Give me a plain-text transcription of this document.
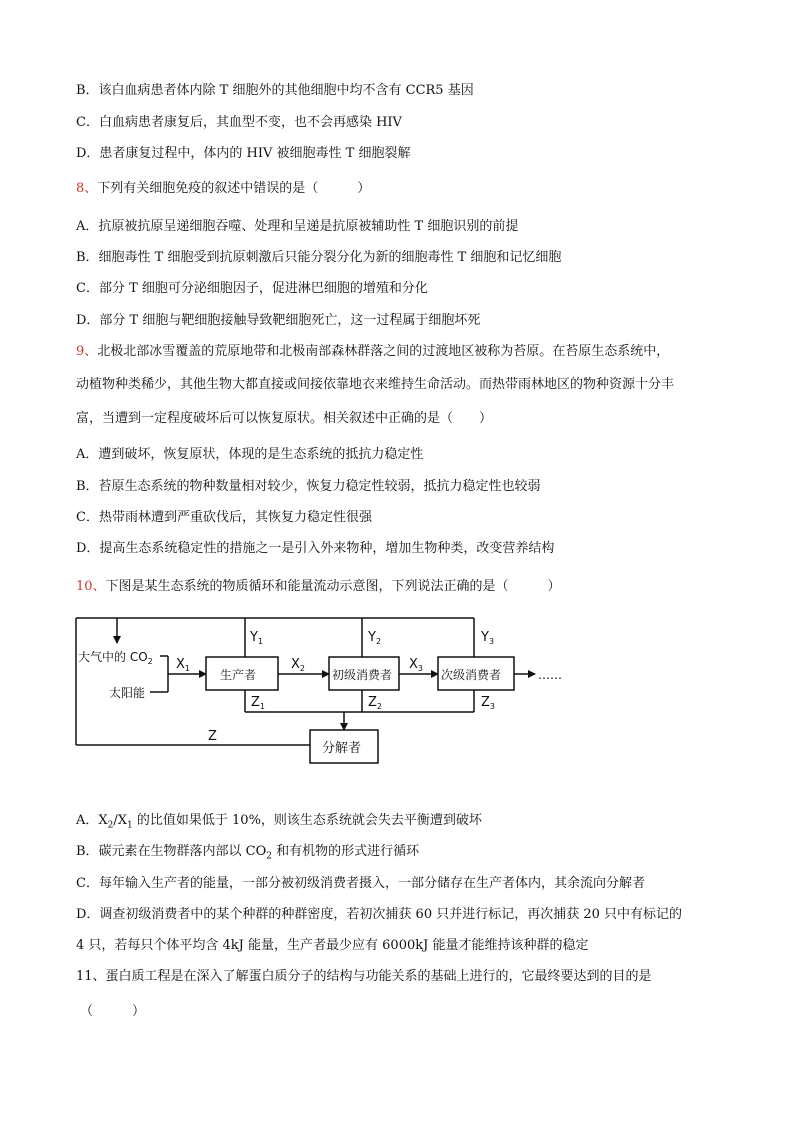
B．该白血病患者体内除 T 细胞外的其他细胞中均不含有 CCR5 基因
C．白血病患者康复后，其血型不变，也不会再感染 HIV
D．患者康复过程中，体内的 HIV 被细胞毒性 T 细胞裂解
8、下列有关细胞免疫的叙述中错误的是（　　　）
A．抗原被抗原呈递细胞吞噬、处理和呈递是抗原被辅助性 T 细胞识别的前提
B．细胞毒性 T 细胞受到抗原刺激后只能分裂分化为新的细胞毒性 T 细胞和记忆细胞
C．部分 T 细胞可分泌细胞因子，促进淋巴细胞的增殖和分化
D．部分 T 细胞与靶细胞接触导致靶细胞死亡，这一过程属于细胞坏死
9、北极北部冰雪覆盖的荒原地带和北极南部森林群落之间的过渡地区被称为苔原。在苔原生态系统中，
动植物种类稀少，其他生物大都直接或间接依靠地衣来维持生命活动。而热带雨林地区的物种资源十分丰
富，当遭到一定程度破坏后可以恢复原状。相关叙述中正确的是（　　）
A．遭到破坏，恢复原状，体现的是生态系统的抵抗力稳定性
B．苔原生态系统的物种数量相对较少，恢复力稳定性较弱，抵抗力稳定性也较弱
C．热带雨林遭到严重砍伐后，其恢复力稳定性很强
D．提高生态系统稳定性的措施之一是引入外来物种，增加生物种类，改变营养结构
10、下图是某生态系统的物质循环和能量流动示意图，下列说法正确的是（　　　）
大气中的 $CO_2$
太阳能
生产者	初级消费者	次级消费者
分解者
……
$X_1$	$X_2$	$X_3$
$Y_1$	$Y_2$	$Y_3$
$Z_1$	$Z_2$	$Z_3$
Z
A．$X_2/X_1$ 的比值如果低于 10%，则该生态系统就会失去平衡遭到破坏
B．碳元素在生物群落内部以 $CO_2$ 和有机物的形式进行循环
C．每年输入生产者的能量，一部分被初级消费者摄入，一部分储存在生产者体内，其余流向分解者
D．调查初级消费者中的某个种群的种群密度，若初次捕获 60 只并进行标记，再次捕获 20 只中有标记的
4 只，若每只个体平均含 4kJ 能量，生产者最少应有 6000kJ 能量才能维持该种群的稳定
11、蛋白质工程是在深入了解蛋白质分子的结构与功能关系的基础上进行的，它最终要达到的目的是
（　　　）
